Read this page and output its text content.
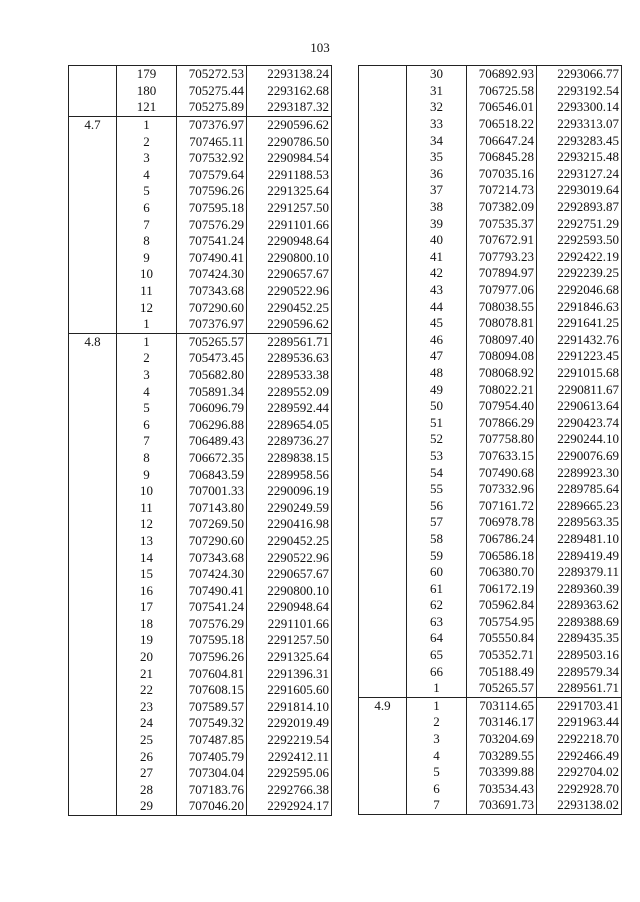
103
	179	705272.53	2293138.24
	180	705275.44	2293162.68
	121	705275.89	2293187.32
4.7	1	707376.97	2290596.62
	2	707465.11	2290786.50
	3	707532.92	2290984.54
	4	707579.64	2291188.53
	5	707596.26	2291325.64
	6	707595.18	2291257.50
	7	707576.29	2291101.66
	8	707541.24	2290948.64
	9	707490.41	2290800.10
	10	707424.30	2290657.67
	11	707343.68	2290522.96
	12	707290.60	2290452.25
	1	707376.97	2290596.62
4.8	1	705265.57	2289561.71
	2	705473.45	2289536.63
	3	705682.80	2289533.38
	4	705891.34	2289552.09
	5	706096.79	2289592.44
	6	706296.88	2289654.05
	7	706489.43	2289736.27
	8	706672.35	2289838.15
	9	706843.59	2289958.56
	10	707001.33	2290096.19
	11	707143.80	2290249.59
	12	707269.50	2290416.98
	13	707290.60	2290452.25
	14	707343.68	2290522.96
	15	707424.30	2290657.67
	16	707490.41	2290800.10
	17	707541.24	2290948.64
	18	707576.29	2291101.66
	19	707595.18	2291257.50
	20	707596.26	2291325.64
	21	707604.81	2291396.31
	22	707608.15	2291605.60
	23	707589.57	2291814.10
	24	707549.32	2292019.49
	25	707487.85	2292219.54
	26	707405.79	2292412.11
	27	707304.04	2292595.06
	28	707183.76	2292766.38
	29	707046.20	2292924.17
	30	706892.93	2293066.77
	31	706725.58	2293192.54
	32	706546.01	2293300.14
	33	706518.22	2293313.07
	34	706647.24	2293283.45
	35	706845.28	2293215.48
	36	707035.16	2293127.24
	37	707214.73	2293019.64
	38	707382.09	2292893.87
	39	707535.37	2292751.29
	40	707672.91	2292593.50
	41	707793.23	2292422.19
	42	707894.97	2292239.25
	43	707977.06	2292046.68
	44	708038.55	2291846.63
	45	708078.81	2291641.25
	46	708097.40	2291432.76
	47	708094.08	2291223.45
	48	708068.92	2291015.68
	49	708022.21	2290811.67
	50	707954.40	2290613.64
	51	707866.29	2290423.74
	52	707758.80	2290244.10
	53	707633.15	2290076.69
	54	707490.68	2289923.30
	55	707332.96	2289785.64
	56	707161.72	2289665.23
	57	706978.78	2289563.35
	58	706786.24	2289481.10
	59	706586.18	2289419.49
	60	706380.70	2289379.11
	61	706172.19	2289360.39
	62	705962.84	2289363.62
	63	705754.95	2289388.69
	64	705550.84	2289435.35
	65	705352.71	2289503.16
	66	705188.49	2289579.34
	1	705265.57	2289561.71
4.9	1	703114.65	2291703.41
	2	703146.17	2291963.44
	3	703204.69	2292218.70
	4	703289.55	2292466.49
	5	703399.88	2292704.02
	6	703534.43	2292928.70
	7	703691.73	2293138.02
